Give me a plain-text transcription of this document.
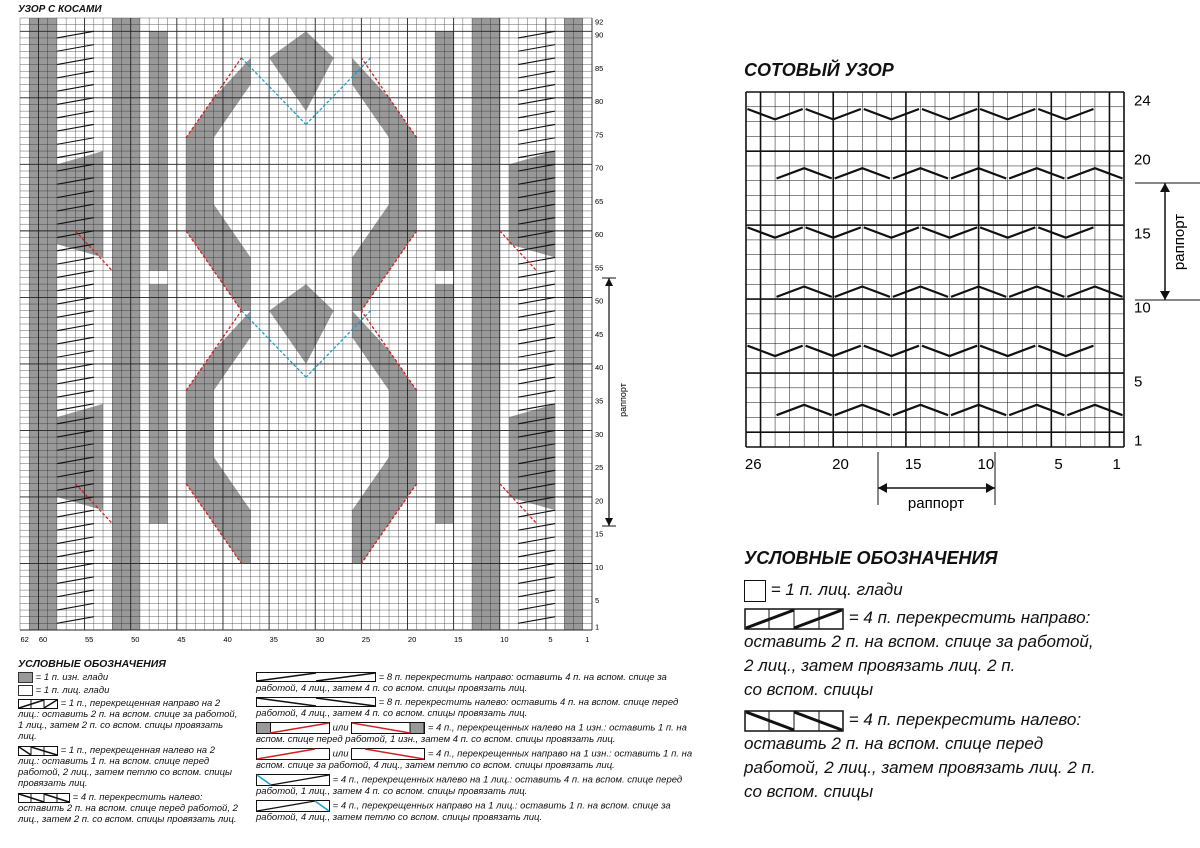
УЗОР С КОСАМИ
62 60	55	50	45	40	35	30	25	20	15	10	5	1
92
90
85
80
75
70
65
60
55
50
45
40
35
30
25
20
15
10
5
1
раппорт
УСЛОВНЫЕ ОБОЗНАЧЕНИЯ
= 1 п. изн. глади
= 1 п. лиц. глади
= 1 п., перекрещенная направо на 2 лиц.: оставить 2 п. на вспом. спице за работой, 1 лиц., затем 2 п. со вспом. спицы провязать лиц.
= 1 п., перекрещенная налево на 2 лиц.: оставить 1 п. на вспом. спице перед работой, 2 лиц., затем петлю со вспом. спицы провязать лиц.
= 4 п. перекрестить налево: оставить 2 п. на вспом. спице перед работой, 2 лиц., затем 2 п. со вспом. спицы провязать лиц.
= 8 п. перекрестить направо: оставить 4 п. на вспом. спице за работой, 4 лиц., затем 4 п. со вспом. спицы провязать лиц.
= 8 п. перекрестить налево: оставить 4 п. на вспом. спице перед работой, 4 лиц., затем 4 п. со вспом. спицы провязать лиц.
или	= 4 п., перекрещенных налево на 1 изн.: оставить 1 п. на вспом. спице перед работой, 1 изн., затем 4 п. со вспом. спицы провязать лиц.
или	= 4 п., перекрещенных направо на 1 изн.: оставить 1 п. на вспом. спице за работой, 4 лиц., затем петлю со вспом. спицы провязать лиц.
= 4 п., перекрещенных налево на 1 лиц.: оставить 4 п. на вспом. спице перед работой, 1 лиц., затем 4 п. со вспом. спицы провязать лиц.
= 4 п., перекрещенных направо на 1 лиц.: оставить 1 п. на вспом. спице за работой, 4 лиц., затем петлю со вспом. спицы провязать лиц.
СОТОВЫЙ УЗОР
26	20	15	10	5	1
24
20
15
10
5
1
раппорт
раппорт
УСЛОВНЫЕ ОБОЗНАЧЕНИЯ
= 1 п. лиц. глади
= 4 п. перекрестить направо:
оставить 2 п. на вспом. спице за работой,
2 лиц., затем провязать лиц. 2 п.
со вспом. спицы
= 4 п. перекрестить налево:
оставить 2 п. на вспом. спице перед
работой, 2 лиц., затем провязать лиц. 2 п.
со вспом. спицы
